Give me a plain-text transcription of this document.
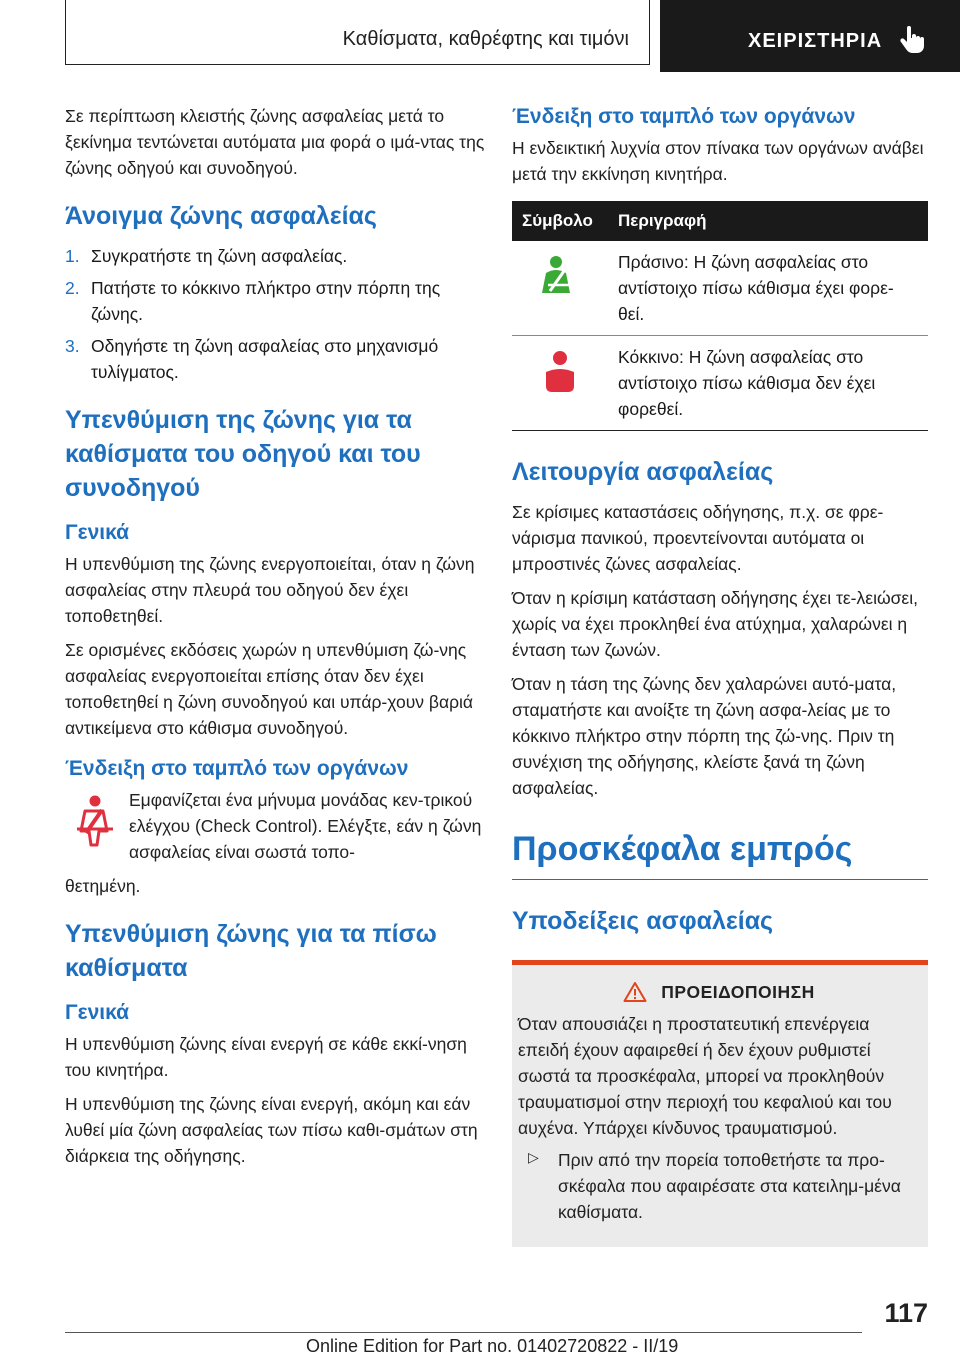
Καθίσματα, καθρέφτης και τιμόνι	ΧΕΙΡΙΣΤΗΡΙΑ

Σε περίπτωση κλειστής ζώνης ασφαλείας μετά το ξεκίνημα τεντώνεται αυτόματα μια φορά ο ιμά-ντας της ζώνης οδηγού και συνοδηγού.

Άνοιγμα ζώνης ασφαλείας
1. Συγκρατήστε τη ζώνη ασφαλείας.
2. Πατήστε το κόκκινο πλήκτρο στην πόρπη της ζώνης.
3. Οδηγήστε τη ζώνη ασφαλείας στο μηχανισμό τυλίγματος.
Υπενθύμιση της ζώνης για τα καθίσματα του οδηγού και του συνοδηγού
Γενικά

Η υπενθύμιση της ζώνης ενεργοποιείται, όταν η ζώνη ασφαλείας στην πλευρά του οδηγού δεν έχει τοποθετηθεί.

Σε ορισμένες εκδόσεις χωρών η υπενθύμιση ζώ-νης ασφαλείας ενεργοποιείται επίσης όταν δεν έχει τοποθετηθεί η ζώνη συνοδηγού και υπάρ-χουν βαριά αντικείμενα στο κάθισμα συνοδηγού.

Ένδειξη στο ταμπλό των οργάνων

Εμφανίζεται ένα μήνυμα μονάδας κεν-τρικού ελέγχου (Check Control). Ελέγξτε, εάν η ζώνη ασφαλείας είναι σωστά τοπο-

θετημένη.

Υπενθύμιση ζώνης για τα πίσω καθίσματα
Γενικά

Η υπενθύμιση ζώνης είναι ενεργή σε κάθε εκκί-νηση του κινητήρα.

Η υπενθύμιση της ζώνης είναι ενεργή, ακόμη και εάν λυθεί μία ζώνη ασφαλείας των πίσω καθι-σμάτων στη διάρκεια της οδήγησης.

Ένδειξη στο ταμπλό των οργάνων

Η ενδεικτική λυχνία στον πίνακα των οργάνων ανάβει μετά την εκκίνηση κινητήρα.

Σύμβολο	Περιγραφή
	Πράσινο: Η ζώνη ασφαλείας στο αντίστοιχο πίσω κάθισμα έχει φορε-θεί.
	Κόκκινο: Η ζώνη ασφαλείας στο αντίστοιχο πίσω κάθισμα δεν έχει φορεθεί.
Λειτουργία ασφαλείας

Σε κρίσιμες καταστάσεις οδήγησης, π.χ. σε φρε-νάρισμα πανικού, προεντείνονται αυτόματα οι μπροστινές ζώνες ασφαλείας.

Όταν η κρίσιμη κατάσταση οδήγησης έχει τε-λειώσει, χωρίς να έχει προκληθεί ένα ατύχημα, χαλαρώνει η ένταση των ζωνών.

Όταν η τάση της ζώνης δεν χαλαρώνει αυτό-ματα, σταματήστε και ανοίξτε τη ζώνη ασφα-λείας με το κόκκινο πλήκτρο στην πόρπη της ζώ-νης. Πριν τη συνέχιση της οδήγησης, κλείστε ξανά τη ζώνη ασφαλείας.

Προσκέφαλα εμπρός
Υποδείξεις ασφαλείας
ΠΡΟΕΙΔΟΠΟΙΗΣΗ

Όταν απουσιάζει η προστατευτική επενέργεια επειδή έχουν αφαιρεθεί ή δεν έχουν ρυθμιστεί σωστά τα προσκέφαλα, μπορεί να προκληθούν τραυματισμοί στην περιοχή του κεφαλιού και του αυχένα. Υπάρχει κίνδυνος τραυματισμού.

▷	Πριν από την πορεία τοποθετήστε τα προ-σκέφαλα που αφαιρέσατε στα κατειλημ-μένα καθίσματα.

117
Online Edition for Part no. 01402720822 - II/19
